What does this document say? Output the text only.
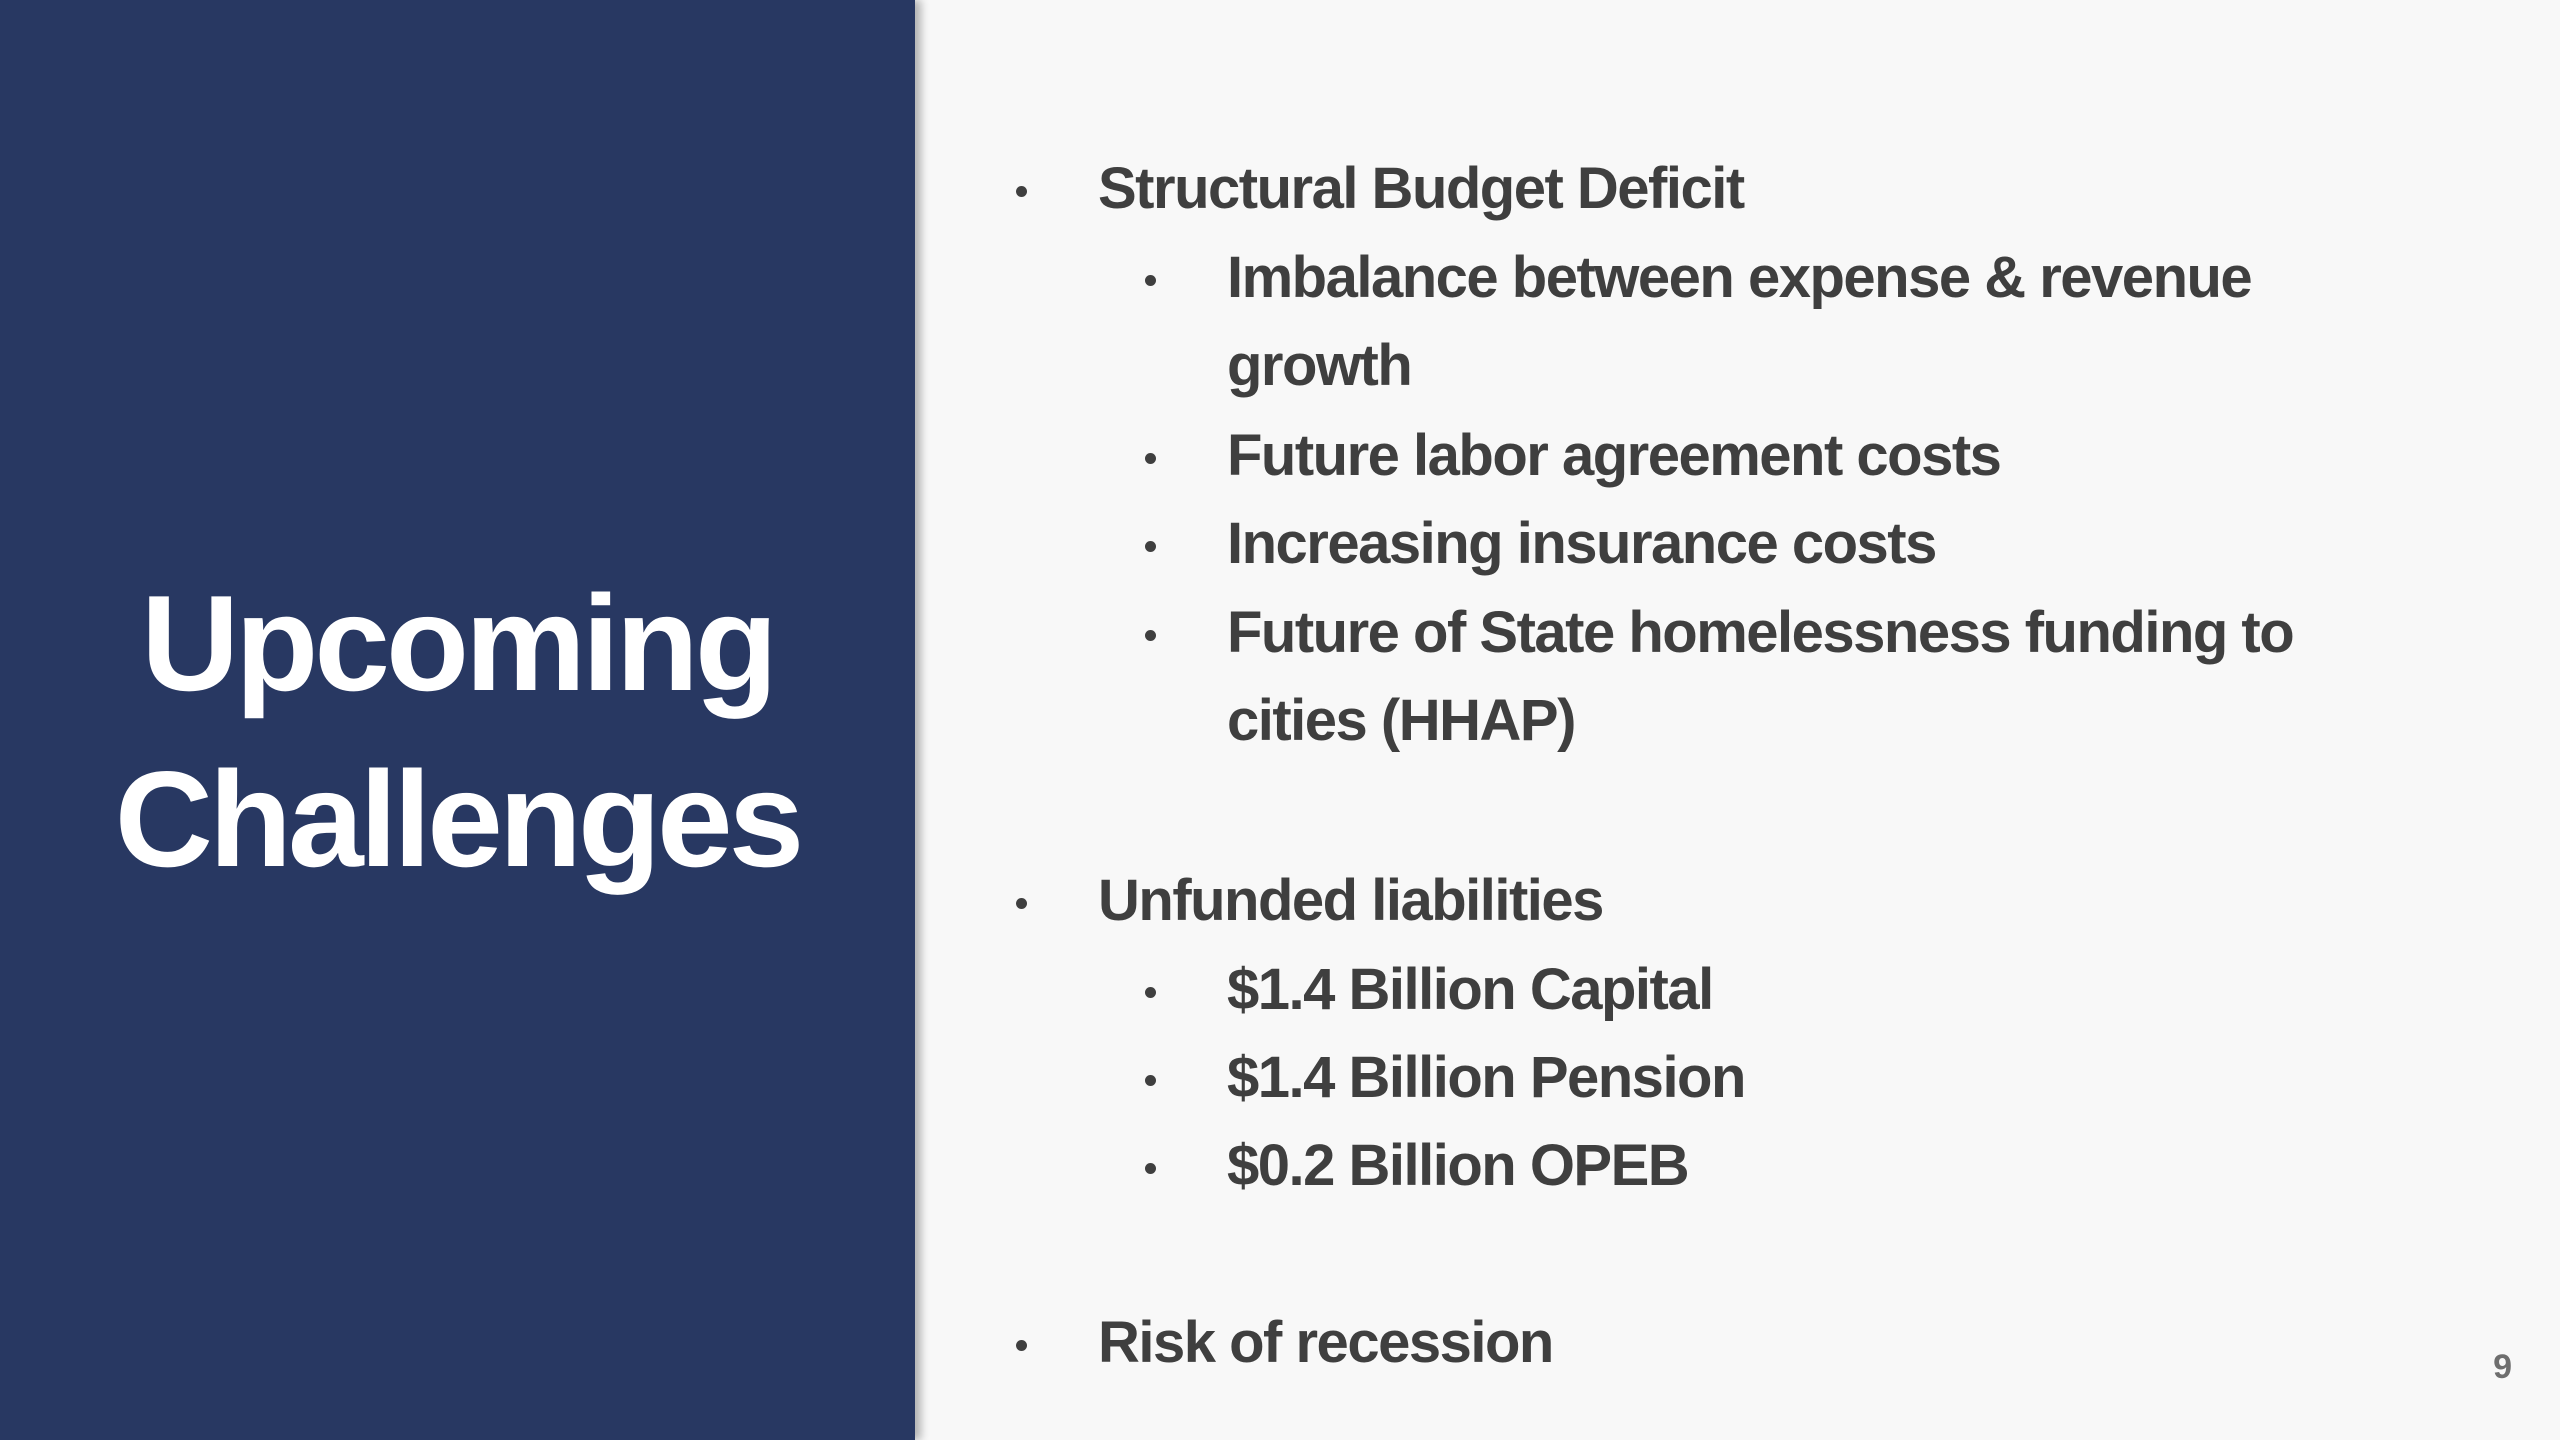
Upcoming
Challenges
Structural Budget Deficit
Imbalance between expense & revenue growth
Future labor agreement costs
Increasing insurance costs
Future of State homelessness funding to cities (HHAP)
Unfunded liabilities
$1.4 Billion Capital
$1.4 Billion Pension
$0.2 Billion OPEB
Risk of recession	9
